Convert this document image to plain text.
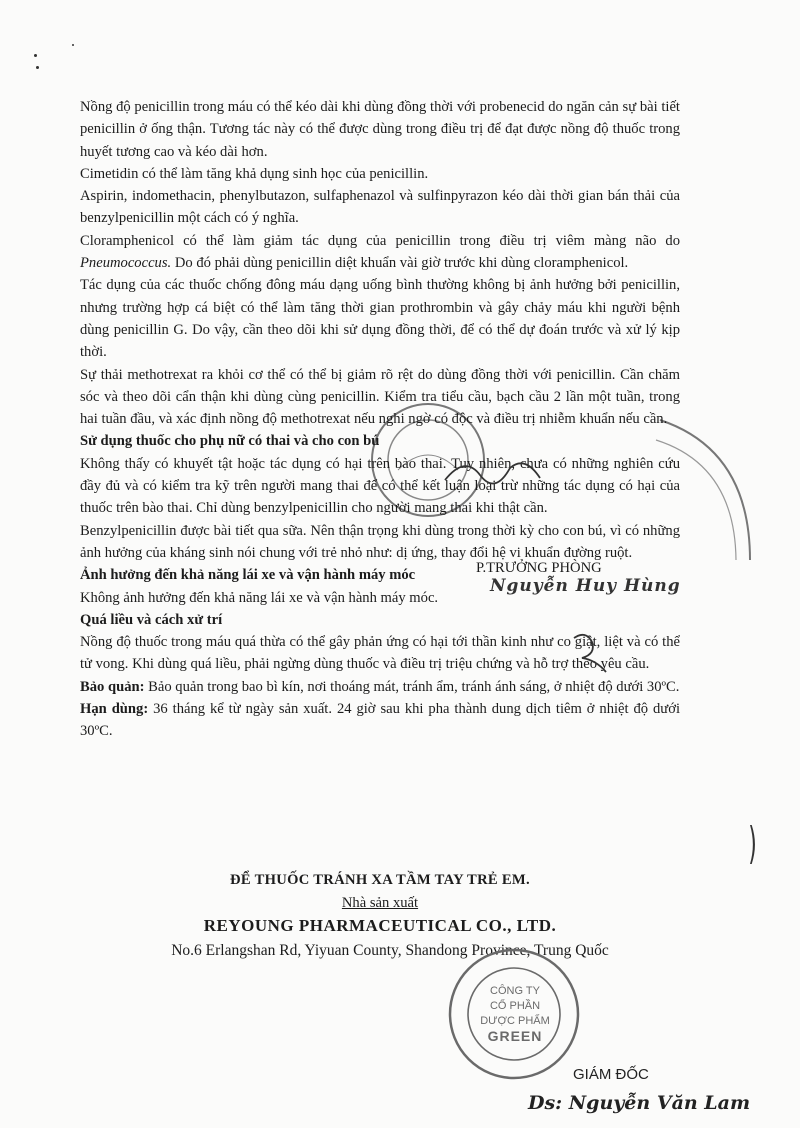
Nồng độ penicillin trong máu có thể kéo dài khi dùng đồng thời với probenecid do ngăn cản sự bài tiết penicillin ở ống thận. Tương tác này có thể được dùng trong điều trị để đạt được nồng độ thuốc trong huyết tương cao và kéo dài hơn.

Cimetidin có thể làm tăng khả dụng sinh học của penicillin.

Aspirin, indomethacin, phenylbutazon, sulfaphenazol và sulfinpyrazon kéo dài thời gian bán thải của benzylpenicillin một cách có ý nghĩa.

Cloramphenicol có thể làm giảm tác dụng của penicillin trong điều trị viêm màng não do Pneumococcus. Do đó phải dùng penicillin diệt khuẩn vài giờ trước khi dùng cloramphenicol.

Tác dụng của các thuốc chống đông máu dạng uống bình thường không bị ảnh hưởng bởi penicillin, nhưng trường hợp cá biệt có thể làm tăng thời gian prothrombin và gây chảy máu khi người bệnh dùng penicillin G. Do vậy, cần theo dõi khi sử dụng đồng thời, để có thể dự đoán trước và xử lý kịp thời.

Sự thải methotrexat ra khỏi cơ thể có thể bị giảm rõ rệt do dùng đồng thời với penicillin. Cần chăm sóc và theo dõi cẩn thận khi dùng cùng penicillin. Kiểm tra tiểu cầu, bạch cầu 2 lần một tuần, trong hai tuần đầu, và xác định nồng độ methotrexat nếu nghi ngờ có độc và điều trị nhiễm khuẩn nếu cần.

Sử dụng thuốc cho phụ nữ có thai và cho con bú

Không thấy có khuyết tật hoặc tác dụng có hại trên bào thai. Tuy nhiên, chưa có những nghiên cứu đầy đủ và có kiểm tra kỹ trên người mang thai để có thể kết luận loại trừ những tác dụng có hại của thuốc trên bào thai. Chỉ dùng benzylpenicillin cho người mang thai khi thật cần.

Benzylpenicillin được bài tiết qua sữa. Nên thận trọng khi dùng trong thời kỳ cho con bú, vì có những ảnh hưởng của kháng sinh nói chung với trẻ nhỏ như: dị ứng, thay đổi hệ vi khuẩn đường ruột.

Ảnh hưởng đến khả năng lái xe và vận hành máy móc

Không ảnh hưởng đến khả năng lái xe và vận hành máy móc.

Quá liều và cách xử trí

Nồng độ thuốc trong máu quá thừa có thể gây phản ứng có hại tới thần kinh như co giật, liệt và có thể tử vong. Khi dùng quá liều, phải ngừng dùng thuốc và điều trị triệu chứng và hỗ trợ theo yêu cầu.

Bảo quản: Bảo quản trong bao bì kín, nơi thoáng mát, tránh ẩm, tránh ánh sáng, ở nhiệt độ dưới 30ºC.

Hạn dùng: 36 tháng kể từ ngày sản xuất. 24 giờ sau khi pha thành dung dịch tiêm ở nhiệt độ dưới 30ºC.

P.TRƯỞNG PHÒNG
Nguyễn Huy Hùng
ĐỂ THUỐC TRÁNH XA TẦM TAY TRẺ EM.
Nhà sản xuất
REYOUNG PHARMACEUTICAL CO., LTD.
No.6 Erlangshan Rd, Yiyuan County, Shandong Province, Trung Quốc
CÔNG TY
CỔ PHẦN
DƯỢC PHẨM
GREEN
GIÁM ĐỐC
Ds: Nguyễn Văn Lam
)
